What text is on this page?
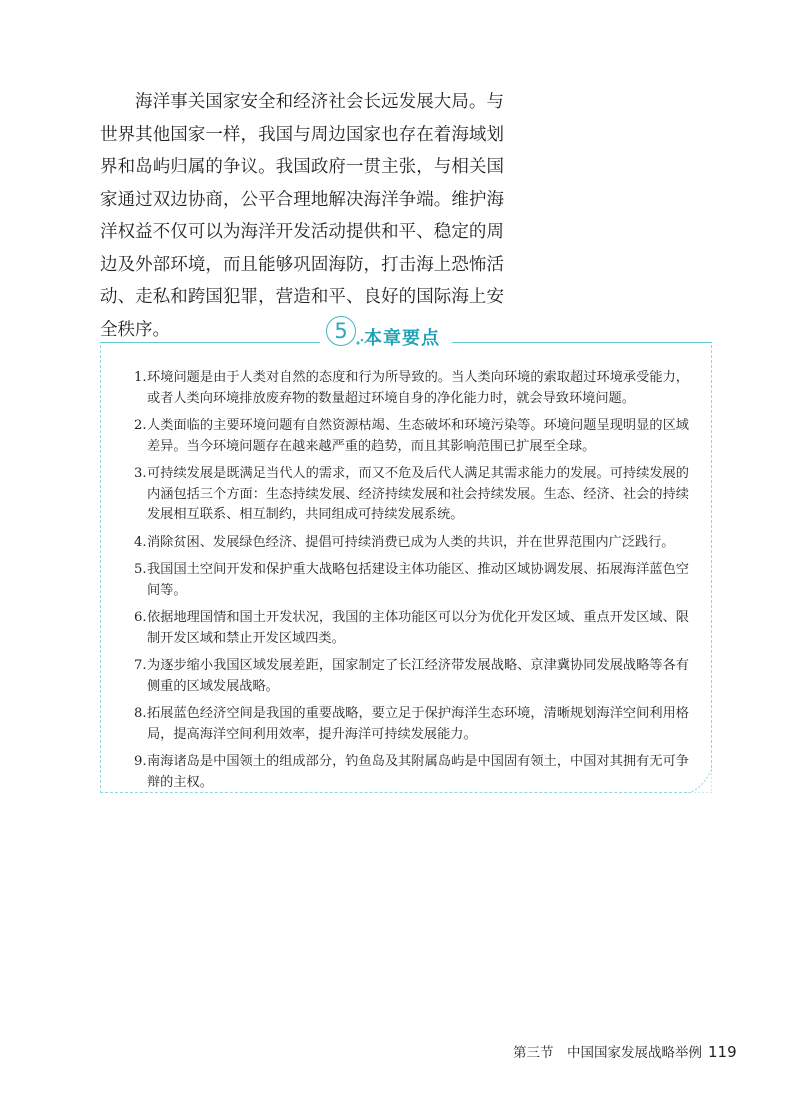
海洋事关国家安全和经济社会长远发展大局。与世界其他国家一样，我国与周边国家也存在着海域划界和岛屿归属的争议。我国政府一贯主张，与相关国家通过双边协商，公平合理地解决海洋争端。维护海洋权益不仅可以为海洋开发活动提供和平、稳定的周边及外部环境，而且能够巩固海防，打击海上恐怖活动、走私和跨国犯罪，营造和平、良好的国际海上安全秩序。	5 本章要点
1. 环境问题是由于人类对自然的态度和行为所导致的。当人类向环境的索取超过环境承受能力，或者人类向环境排放废弃物的数量超过环境自身的净化能力时，就会导致环境问题。
2. 人类面临的主要环境问题有自然资源枯竭、生态破坏和环境污染等。环境问题呈现明显的区域差异。当今环境问题存在越来越严重的趋势，而且其影响范围已扩展至全球。
3. 可持续发展是既满足当代人的需求，而又不危及后代人满足其需求能力的发展。可持续发展的内涵包括三个方面：生态持续发展、经济持续发展和社会持续发展。生态、经济、社会的持续发展相互联系、相互制约，共同组成可持续发展系统。
4. 消除贫困、发展绿色经济、提倡可持续消费已成为人类的共识，并在世界范围内广泛践行。
5. 我国国土空间开发和保护重大战略包括建设主体功能区、推动区域协调发展、拓展海洋蓝色空间等。
6. 依据地理国情和国土开发状况，我国的主体功能区可以分为优化开发区域、重点开发区域、限制开发区域和禁止开发区域四类。
7. 为逐步缩小我国区域发展差距，国家制定了长江经济带发展战略、京津冀协同发展战略等各有侧重的区域发展战略。
8. 拓展蓝色经济空间是我国的重要战略，要立足于保护海洋生态环境，清晰规划海洋空间利用格局，提高海洋空间利用效率，提升海洋可持续发展能力。
9. 南海诸岛是中国领土的组成部分，钓鱼岛及其附属岛屿是中国固有领土，中国对其拥有无可争辩的主权。
第三节　中国国家发展战略举例 119
